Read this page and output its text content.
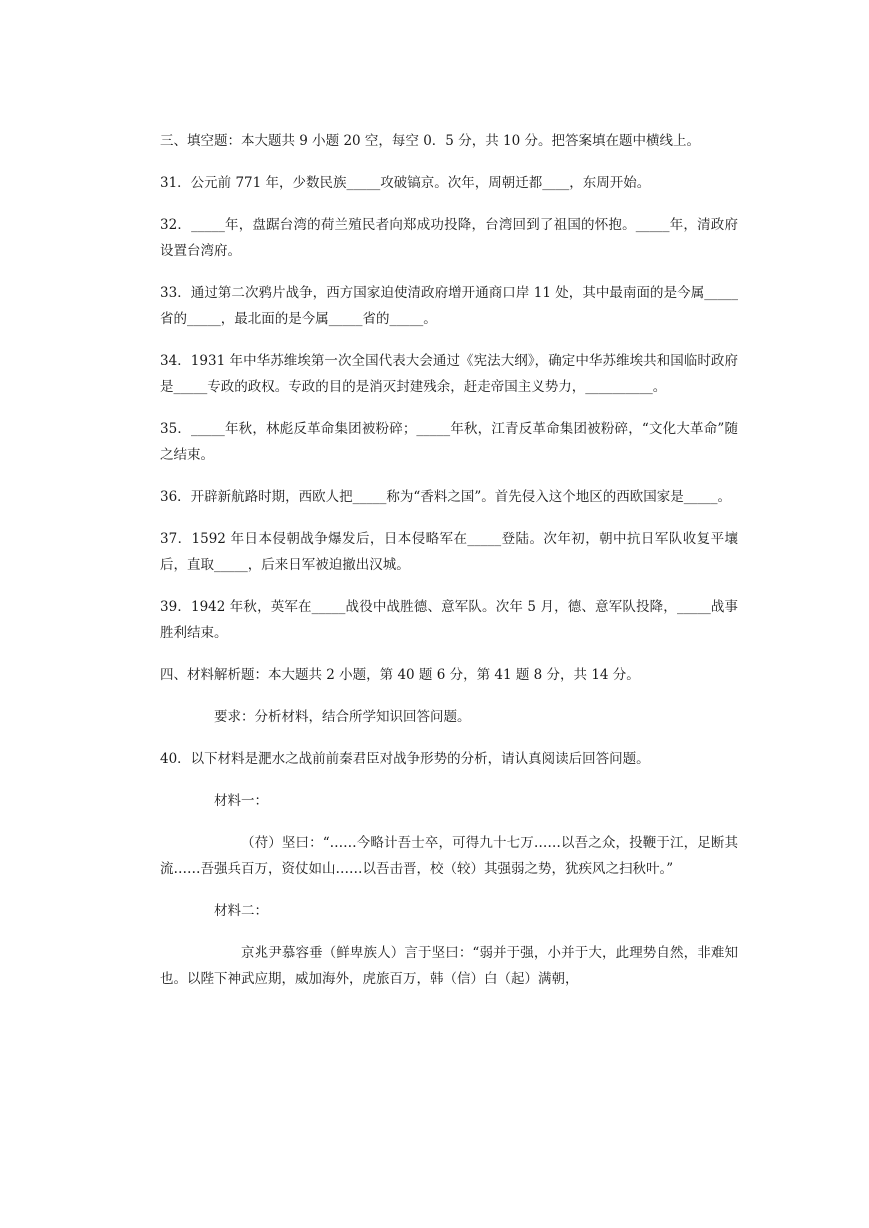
三、填空题：本大题共 9 小题 20 空，每空 0．5 分，共 10 分。把答案填在题中横线上。

31．公元前 771 年，少数民族_____攻破镐京。次年，周朝迁都____，东周开始。

32．_____年，盘踞台湾的荷兰殖民者向郑成功投降，台湾回到了祖国的怀抱。_____年，清政府设置台湾府。

33．通过第二次鸦片战争，西方国家迫使清政府增开通商口岸 11 处，其中最南面的是今属_____省的_____，最北面的是今属_____省的_____。

34．1931 年中华苏维埃第一次全国代表大会通过《宪法大纲》，确定中华苏维埃共和国临时政府是_____专政的政权。专政的目的是消灭封建残余，赶走帝国主义势力，__________。

35．_____年秋，林彪反革命集团被粉碎；_____年秋，江青反革命集团被粉碎，“文化大革命”随之结束。

36．开辟新航路时期，西欧人把_____称为“香料之国”。首先侵入这个地区的西欧国家是_____。

37．1592 年日本侵朝战争爆发后，日本侵略军在_____登陆。次年初，朝中抗日军队收复平壤后，直取_____，后来日军被迫撤出汉城。

39．1942 年秋，英军在_____战役中战胜德、意军队。次年 5 月，德、意军队投降，_____战事胜利结束。

四、材料解析题：本大题共 2 小题，第 40 题 6 分，第 41 题 8 分，共 14 分。

要求：分析材料，结合所学知识回答问题。

40．以下材料是淝水之战前前秦君臣对战争形势的分析，请认真阅读后回答问题。

材料一：

（苻）坚曰：“……今略计吾士卒，可得九十七万……以吾之众，投鞭于江，足断其流……吾强兵百万，资仗如山……以吾击晋，校（较）其强弱之势，犹疾风之扫秋叶。”

材料二：

京兆尹慕容垂（鲜卑族人）言于坚曰：“弱并于强，小并于大，此理势自然，非难知也。以陛下神武应期，威加海外，虎旅百万，韩（信）白（起）满朝，
